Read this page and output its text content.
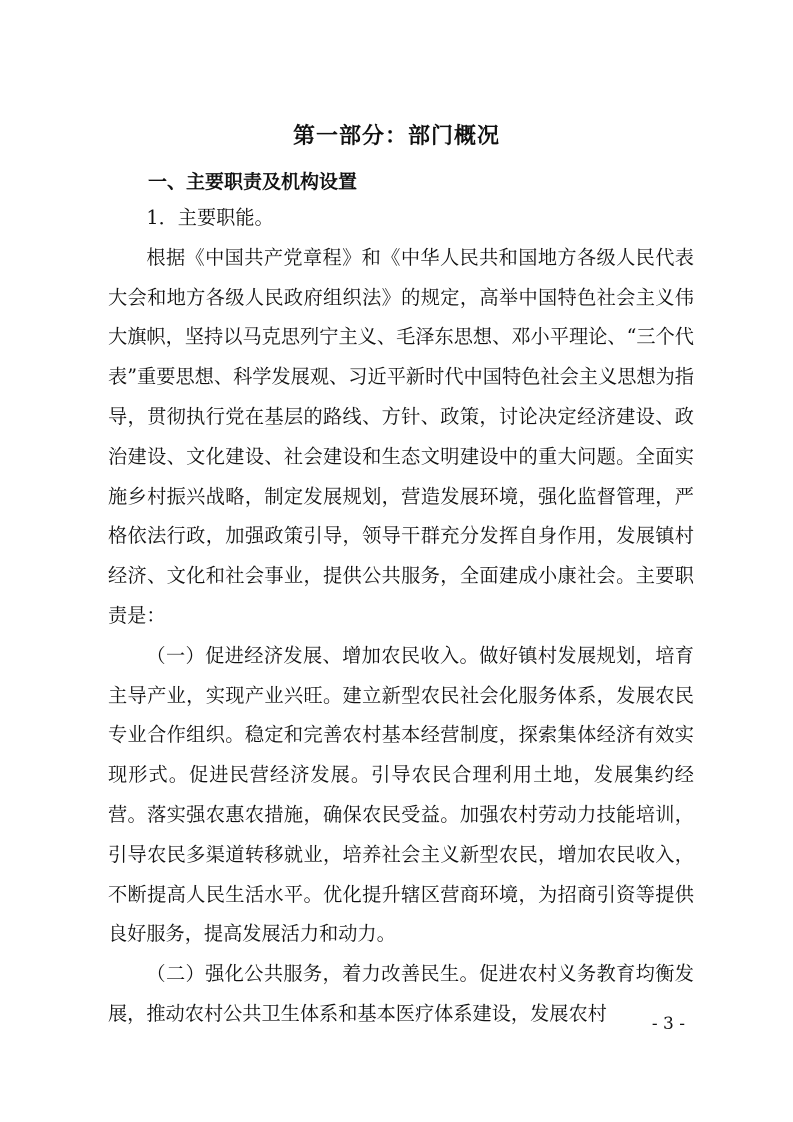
第一部分：部门概况
一、主要职责及机构设置

1．主要职能。

根据《中国共产党章程》和《中华人民共和国地方各级人民代表大会和地方各级人民政府组织法》的规定，高举中国特色社会主义伟大旗帜，坚持以马克思列宁主义、毛泽东思想、邓小平理论、“三个代表”重要思想、科学发展观、习近平新时代中国特色社会主义思想为指导，贯彻执行党在基层的路线、方针、政策，讨论决定经济建设、政治建设、文化建设、社会建设和生态文明建设中的重大问题。全面实施乡村振兴战略，制定发展规划，营造发展环境，强化监督管理，严格依法行政，加强政策引导，领导干群充分发挥自身作用，发展镇村经济、文化和社会事业，提供公共服务，全面建成小康社会。主要职责是：

（一）促进经济发展、增加农民收入。做好镇村发展规划，培育主导产业，实现产业兴旺。建立新型农民社会化服务体系，发展农民专业合作组织。稳定和完善农村基本经营制度，探索集体经济有效实现形式。促进民营经济发展。引导农民合理利用土地，发展集约经营。落实强农惠农措施，确保农民受益。加强农村劳动力技能培训，引导农民多渠道转移就业，培养社会主义新型农民，增加农民收入，不断提高人民生活水平。优化提升辖区营商环境，为招商引资等提供良好服务，提高发展活力和动力。

（二）强化公共服务，着力改善民生。促进农村义务教育均衡发展，推动农村公共卫生体系和基本医疗体系建设，发展农村	- 3 -
